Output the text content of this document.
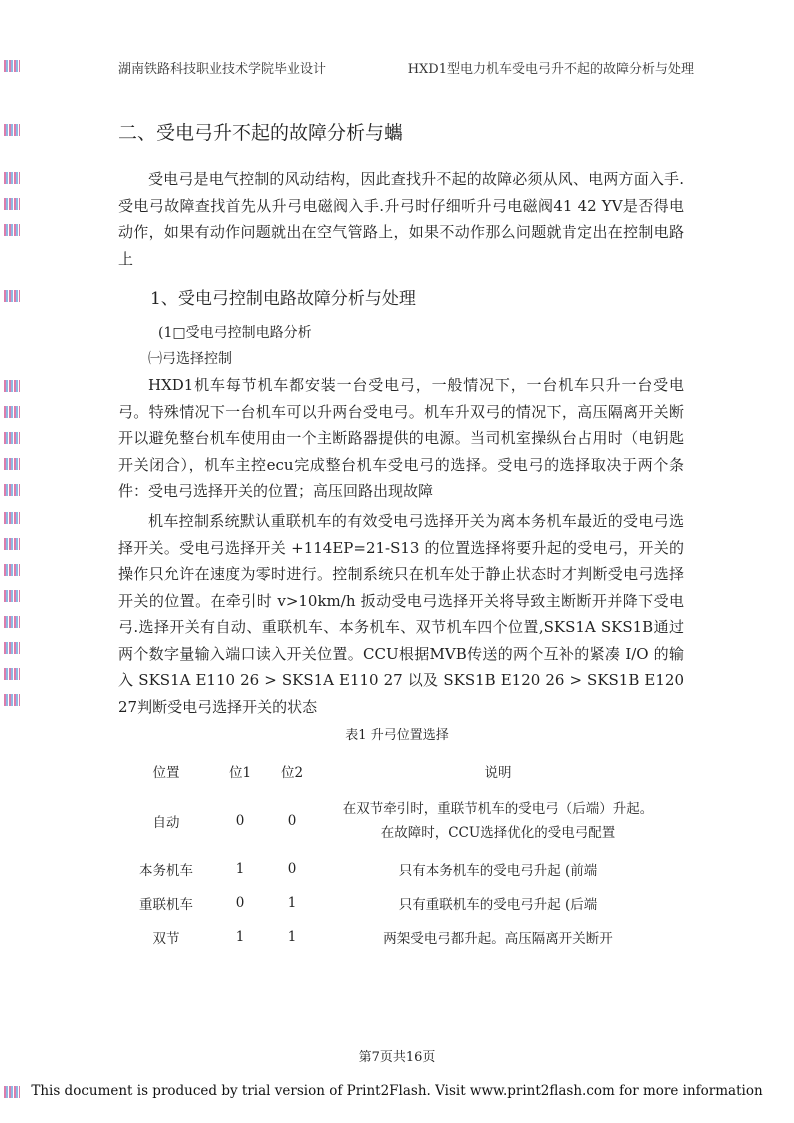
湖南铁路科技职业技术学院毕业设计	HXD1型电力机车受电弓升不起的故障分析与处理
二、受电弓升不起的故障分析与蠵

受电弓是电气控制的风动结构，因此查找升不起的故障必须从风、电两方面入手.受电弓故障查找首先从升弓电磁阀入手.升弓时仔细听升弓电磁阀41 42 YV是否得电动作，如果有动作问题就出在空气管路上，如果不动作那么问题就肯定出在控制电路上

1、受电弓控制电路故障分析与处理
(1□受电弓控制电路分析
㈠弓选择控制

HXD1机车每节机车都安装一台受电弓，一般情况下，一台机车只升一台受电弓。特殊情况下一台机车可以升两台受电弓。机车升双弓的情况下，高压隔离开关断开以避免整台机车使用由一个主断路器提供的电源。当司机室操纵台占用时（电钥匙开关闭合），机车主控ecu完成整台机车受电弓的选择。受电弓的选择取决于两个条件：受电弓选择开关的位置；高压回路出现故障

机车控制系统默认重联机车的有效受电弓选择开关为离本务机车最近的受电弓选择开关。受电弓选择开关 +114EP=21-S13 的位置选择将要升起的受电弓，开关的操作只允许在速度为零时进行。控制系统只在机车处于静止状态时才判断受电弓选择开关的位置。在牵引时 v>10km/h 扳动受电弓选择开关将导致主断断开并降下受电弓.选择开关有自动、重联机车、本务机车、双节机车四个位置,SKS1A SKS1B通过两个数字量输入端口读入开关位置。CCU根据MVB传送的两个互补的紧凑 I/O 的输入 SKS1A E110 26 > SKS1A E110 27 以及 SKS1B E120 26 > SKS1B E120 27判断受电弓选择开关的状态

表1 升弓位置选择
位置	位1	位2	说明
自动	0	0	在双节牵引时，重联节机车的受电弓（后端）升起。在故障时，CCU选择优化的受电弓配置
本务机车	1	0	只有本务机车的受电弓升起 (前端
重联机车	0	1	只有重联机车的受电弓升起 (后端
双节	1	1	两架受电弓都升起。高压隔离开关断开
第7页共16页
This document is produced by trial version of Print2Flash. Visit www.print2flash.com for more information
